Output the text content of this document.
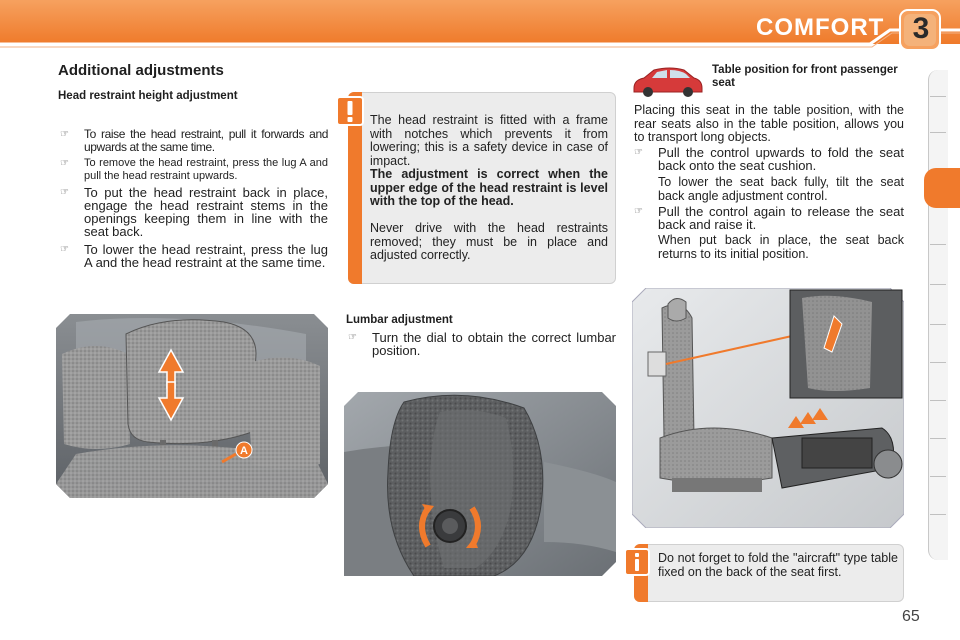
COMFORT 3
Additional adjustments
Head restraint height adjustment
☞	To raise the head restraint, pull it forwards and upwards at the same time.
☞	To remove the head restraint, press the lug A and pull the head restraint upwards.
☞	To put the head restraint back in place, engage the head restraint stems in the openings keeping them in line with the seat back.
☞	To lower the head restraint, press the lug A and the head restraint at the same time.
A
The head restraint is fitted with a frame with notches which prevents it from lowering; this is a safety device in case of impact.
The adjustment is correct when the upper edge of the head restraint is level with the top of the head.
Never drive with the head restraints removed; they must be in place and adjusted correctly.
Lumbar adjustment
☞	Turn the dial to obtain the correct lumbar position.
Table position for front passenger seat
Placing this seat in the table position, with the rear seats also in the table position, allows you to transport long objects.
☞	Pull the control upwards to fold the seat back onto the seat cushion.
To lower the seat back fully, tilt the seat back angle adjustment control.
☞	Pull the control again to release the seat back and raise it.
When put back in place, the seat back returns to its initial position.
Do not forget to fold the "aircraft" type table fixed on the back of the seat first.
65
